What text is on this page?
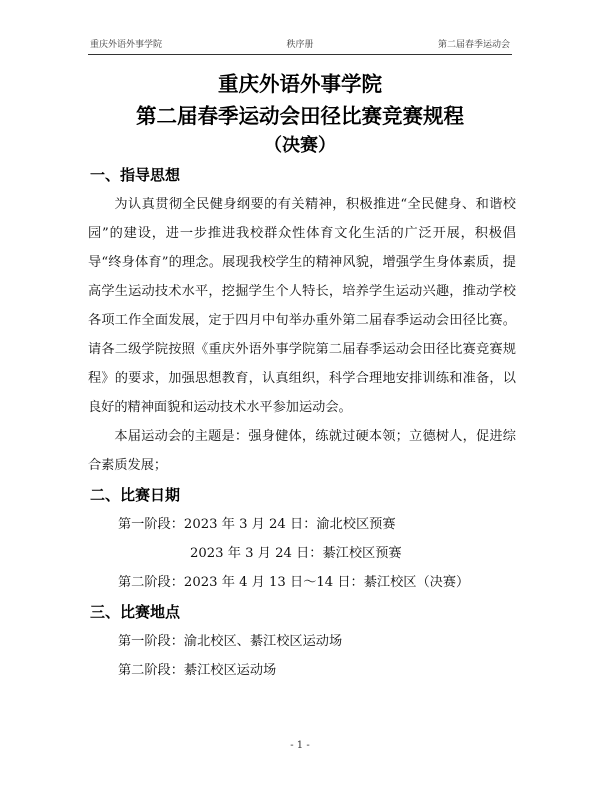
重庆外语外事学院	秩序册	第二届春季运动会
重庆外语外事学院
第二届春季运动会田径比赛竞赛规程
（决赛）
一、指导思想

为认真贯彻全民健身纲要的有关精神，积极推进“全民健身、和谐校园”的建设，进一步推进我校群众性体育文化生活的广泛开展，积极倡导“终身体育”的理念。展现我校学生的精神风貌，增强学生身体素质，提高学生运动技术水平，挖掘学生个人特长，培养学生运动兴趣，推动学校各项工作全面发展，定于四月中旬举办重外第二届春季运动会田径比赛。请各二级学院按照《重庆外语外事学院第二届春季运动会田径比赛竞赛规程》的要求，加强思想教育，认真组织，科学合理地安排训练和准备，以良好的精神面貌和运动技术水平参加运动会。

本届运动会的主题是：强身健体，练就过硬本领；立德树人，促进综合素质发展；

二、比赛日期
第一阶段：2023 年 3 月 24 日：渝北校区预赛
2023 年 3 月 24 日：綦江校区预赛
第二阶段：2023 年 4 月 13 日～14 日：綦江校区（决赛）
三、比赛地点
第一阶段：渝北校区、綦江校区运动场
第二阶段：綦江校区运动场
- 1 -
